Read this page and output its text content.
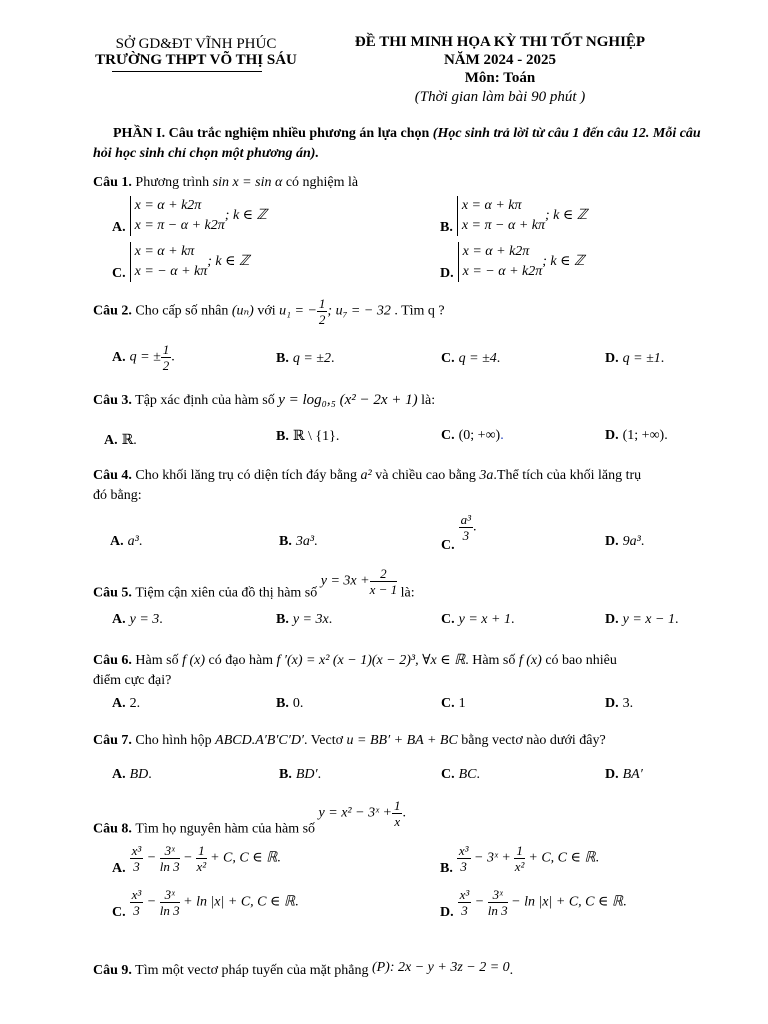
SỞ GD&ĐT VĨNH PHÚC
TRƯỜNG THPT VÕ THỊ SÁU
ĐỀ THI MINH HỌA KỲ THI TỐT NGHIỆP
NĂM 2024 - 2025
Môn: Toán
(Thời gian làm bài 90 phút )
PHẦN I. Câu trắc nghiệm nhiều phương án lựa chọn (Học sinh trả lời từ câu 1 đến câu 12. Mỗi câu hỏi học sinh chỉ chọn một phương án).
Câu 1. Phương trình sin x = sin α có nghiệm là
A.x = α + k2π
x = π − α + k2π; k ∈ ℤ
B.x = α + kπ
x = π − α + kπ; k ∈ ℤ
C.x = α + kπ
x = − α + kπ; k ∈ ℤ
D.x = α + k2π
x = − α + k2π; k ∈ ℤ
Câu 2. Cho cấp số nhân (uₙ) với u₁ = − $\frac{1}{2}$ ; u₇ = − 32 . Tìm q ?
A. q = ± $\frac{1}{2}$ .	B. q = ±2.	C. q = ±4.	D. q = ±1.
Câu 3. Tập xác định của hàm số y = log₀,₅ (x² − 2x + 1) là:
A. ℝ.	B. ℝ \ {1}.	C. (0; +∞).	D. (1; +∞).
Câu 4. Cho khối lăng trụ có diện tích đáy bằng a² và chiều cao bằng 3a.Thể tích của khối lăng trụ
đó bằng:
A. a³.	B. 3a³.	C.
$\frac{\text{a³}}{3}$ .
D. 9a³.
Câu 5. Tiệm cận xiên của đồ thị hàm số $y = 3x + \frac{2}{x - 1}$ là:
A. y = 3.	B. y = 3x.	C. y = x + 1.	D. y = x − 1.
Câu 6. Hàm số f (x) có đạo hàm f ′(x) = x² (x − 1)(x − 2)³, ∀x ∈ ℝ. Hàm số f (x) có bao nhiêu
điểm cực đại?
A. 2.	B. 0.	C. 1	D. 3.
Câu 7. Cho hình hộp ABCD.A′B′C′D′. Vectơ u = BB′ + BA + BC bằng vectơ nào dưới đây?
A. BD.	B. BD′.	C. BC.	D. BA′
Câu 8. Tìm họ nguyên hàm của hàm số y = x² − 3ˣ + $\frac{1}{x}$ .
A. $\frac{\text{x³}}{3} - \frac{\text{3ˣ}}{\ln 3} - \frac{1}{\text{x²}} + C$, C ∈ ℝ.
B. $\frac{\text{x³}}{3}$ − 3ˣ + $\frac{1}{\text{x²}} + C$, C ∈ ℝ.
C. $\frac{\text{x³}}{3} - \frac{\text{3ˣ}}{\ln 3} + \ln |x| + C$, C ∈ ℝ.
D. $\frac{\text{x³}}{3} - \frac{\text{3ˣ}}{\ln 3} - \ln |x| + C$, C ∈ ℝ.
Câu 9. Tìm một vectơ pháp tuyến của mặt phẳng (P): 2x − y + 3z − 2 = 0.
